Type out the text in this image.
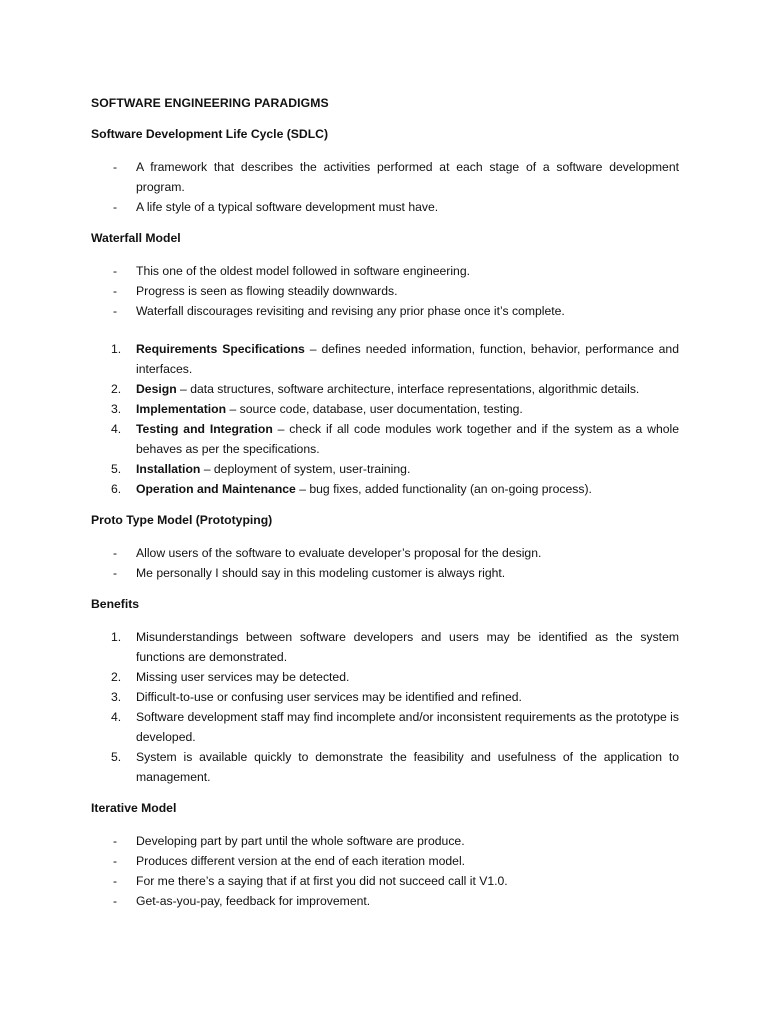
SOFTWARE ENGINEERING PARADIGMS
Software Development Life Cycle (SDLC)
- A framework that describes the activities performed at each stage of a software development program.
- A life style of a typical software development must have.
Waterfall Model
- This one of the oldest model followed in software engineering.
- Progress is seen as flowing steadily downwards.
- Waterfall discourages revisiting and revising any prior phase once it’s complete.
1. Requirements Specifications – defines needed information, function, behavior, performance and interfaces.
2. Design – data structures, software architecture, interface representations, algorithmic details.
3. Implementation – source code, database, user documentation, testing.
4. Testing and Integration – check if all code modules work together and if the system as a whole behaves as per the specifications.
5. Installation – deployment of system, user-training.
6. Operation and Maintenance – bug fixes, added functionality (an on-going process).
Proto Type Model (Prototyping)
- Allow users of the software to evaluate developer’s proposal for the design.
- Me personally I should say in this modeling customer is always right.
Benefits
1. Misunderstandings between software developers and users may be identified as the system functions are demonstrated.
2. Missing user services may be detected.
3. Difficult-to-use or confusing user services may be identified and refined.
4. Software development staff may find incomplete and/or inconsistent requirements as the prototype is developed.
5. System is available quickly to demonstrate the feasibility and usefulness of the application to management.
Iterative Model
- Developing part by part until the whole software are produce.
- Produces different version at the end of each iteration model.
- For me there’s a saying that if at first you did not succeed call it V1.0.
- Get-as-you-pay, feedback for improvement.
